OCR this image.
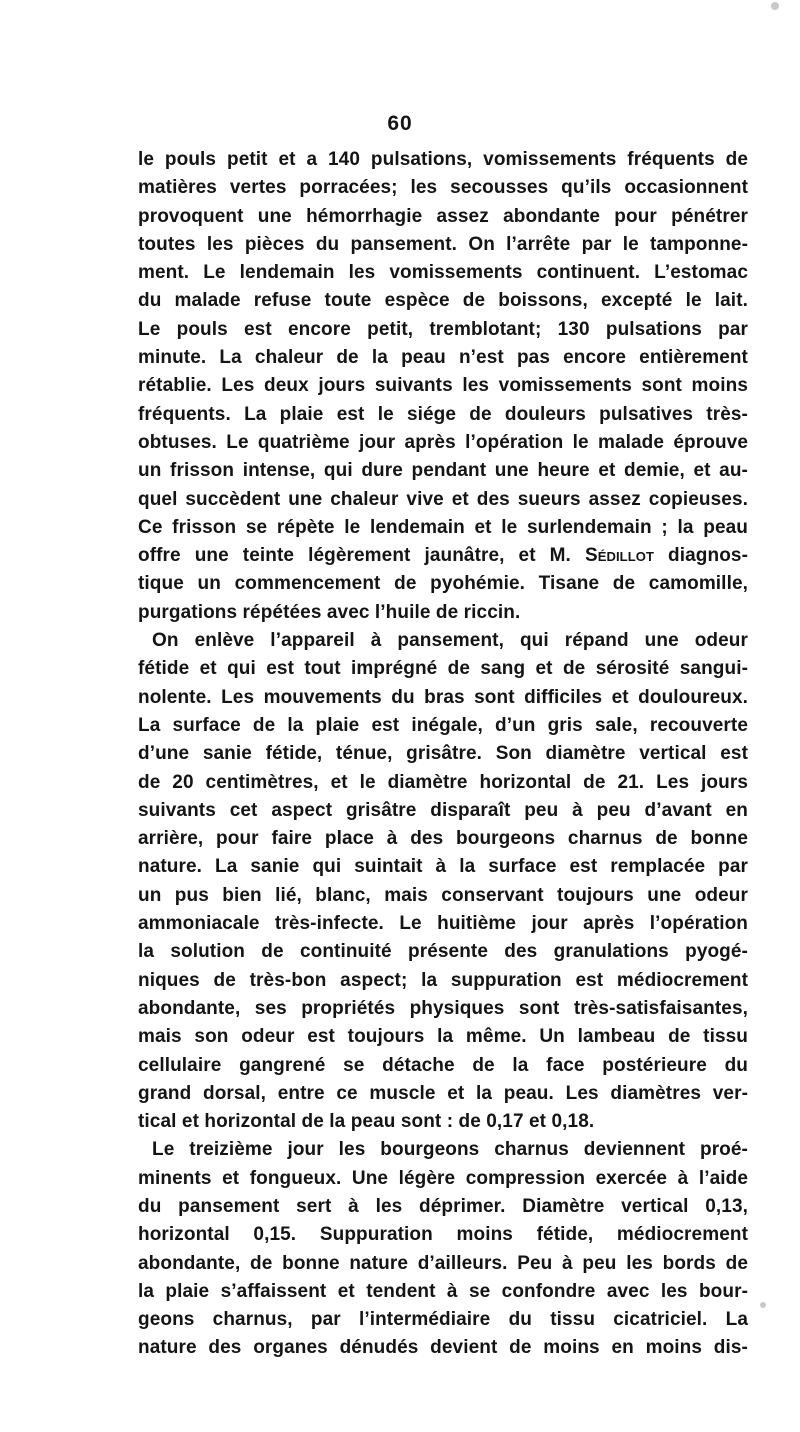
60
le pouls petit et a 140 pulsations, vomissements fréquents de
matières vertes porracées; les secousses qu’ils occasionnent
provoquent une hémorrhagie assez abondante pour pénétrer
toutes les pièces du pansement. On l’arrête par le tamponne-
ment. Le lendemain les vomissements continuent. L’estomac
du malade refuse toute espèce de boissons, excepté le lait.
Le pouls est encore petit, tremblotant; 130 pulsations par
minute. La chaleur de la peau n’est pas encore entièrement
rétablie. Les deux jours suivants les vomissements sont moins
fréquents. La plaie est le siége de douleurs pulsatives très-
obtuses. Le quatrième jour après l’opération le malade éprouve
un frisson intense, qui dure pendant une heure et demie, et au-
quel succèdent une chaleur vive et des sueurs assez copieuses.
Ce frisson se répète le lendemain et le surlendemain ; la peau
offre une teinte légèrement jaunâtre, et M. Sédillot diagnos-
tique un commencement de pyohémie. Tisane de camomille,
purgations répétées avec l’huile de riccin.
On enlève l’appareil à pansement, qui répand une odeur
fétide et qui est tout imprégné de sang et de sérosité sangui-
nolente. Les mouvements du bras sont difficiles et douloureux.
La surface de la plaie est inégale, d’un gris sale, recouverte
d’une sanie fétide, ténue, grisâtre. Son diamètre vertical est
de 20 centimètres, et le diamètre horizontal de 21. Les jours
suivants cet aspect grisâtre disparaît peu à peu d’avant en
arrière, pour faire place à des bourgeons charnus de bonne
nature. La sanie qui suintait à la surface est remplacée par
un pus bien lié, blanc, mais conservant toujours une odeur
ammoniacale très-infecte. Le huitième jour après l’opération
la solution de continuité présente des granulations pyogé-
niques de très-bon aspect; la suppuration est médiocrement
abondante, ses propriétés physiques sont très-satisfaisantes,
mais son odeur est toujours la même. Un lambeau de tissu
cellulaire gangrené se détache de la face postérieure du
grand dorsal, entre ce muscle et la peau. Les diamètres ver-
tical et horizontal de la peau sont : de 0,17 et 0,18.
Le treizième jour les bourgeons charnus deviennent proé-
minents et fongueux. Une légère compression exercée à l’aide
du pansement sert à les déprimer. Diamètre vertical 0,13,
horizontal 0,15. Suppuration moins fétide, médiocrement
abondante, de bonne nature d’ailleurs. Peu à peu les bords de
la plaie s’affaissent et tendent à se confondre avec les bour-
geons charnus, par l’intermédiaire du tissu cicatriciel. La
nature des organes dénudés devient de moins en moins dis-
